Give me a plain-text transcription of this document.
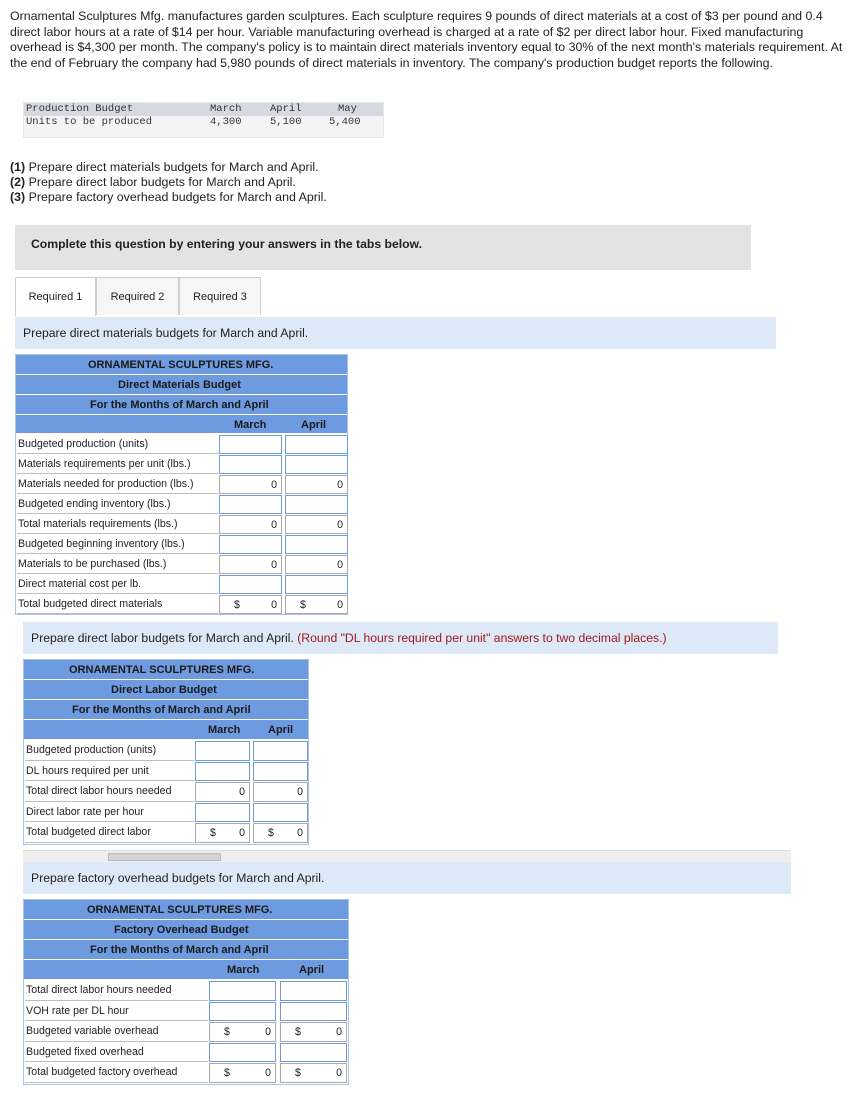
Ornamental Sculptures Mfg. manufactures garden sculptures. Each sculpture requires 9 pounds of direct materials at a cost of $3 per pound and 0.4 direct labor hours at a rate of $14 per hour. Variable manufacturing overhead is charged at a rate of $2 per direct labor hour. Fixed manufacturing overhead is $4,300 per month. The company's policy is to maintain direct materials inventory equal to 30% of the next month's materials requirement. At the end of February the company had 5,980 pounds of direct materials in inventory. The company's production budget reports the following.
Production Budget	March	April	May
Units to be produced	4,300	5,100	5,400
(1) Prepare direct materials budgets for March and April.
(2) Prepare direct labor budgets for March and April.
(3) Prepare factory overhead budgets for March and April.
Complete this question by entering your answers in the tabs below.
Required 1	Required 2	Required 3
Prepare direct materials budgets for March and April.
ORNAMENTAL SCULPTURES MFG.
Direct Materials Budget
For the Months of March and April
March	April
Budgeted production (units)
Materials requirements per unit (lbs.)
Materials needed for production (lbs.)	0	0
Budgeted ending inventory (lbs.)
Total materials requirements (lbs.)	0	0
Budgeted beginning inventory (lbs.)
Materials to be purchased (lbs.)	0	0
Direct material cost per lb.
Total budgeted direct materials	$	0 $	0
Prepare direct labor budgets for March and April. (Round "DL hours required per unit" answers to two decimal places.)
ORNAMENTAL SCULPTURES MFG.
Direct Labor Budget
For the Months of March and April
March	April
Budgeted production (units)
DL hours required per unit
Total direct labor hours needed	0	0
Direct labor rate per hour
Total budgeted direct labor	$ 0 $ 0
Prepare factory overhead budgets for March and April.
ORNAMENTAL SCULPTURES MFG.
Factory Overhead Budget
For the Months of March and April
March	April
Total direct labor hours needed
VOH rate per DL hour
Budgeted variable overhead	$	0 $	0
Budgeted fixed overhead
Total budgeted factory overhead	$	0 $	0
